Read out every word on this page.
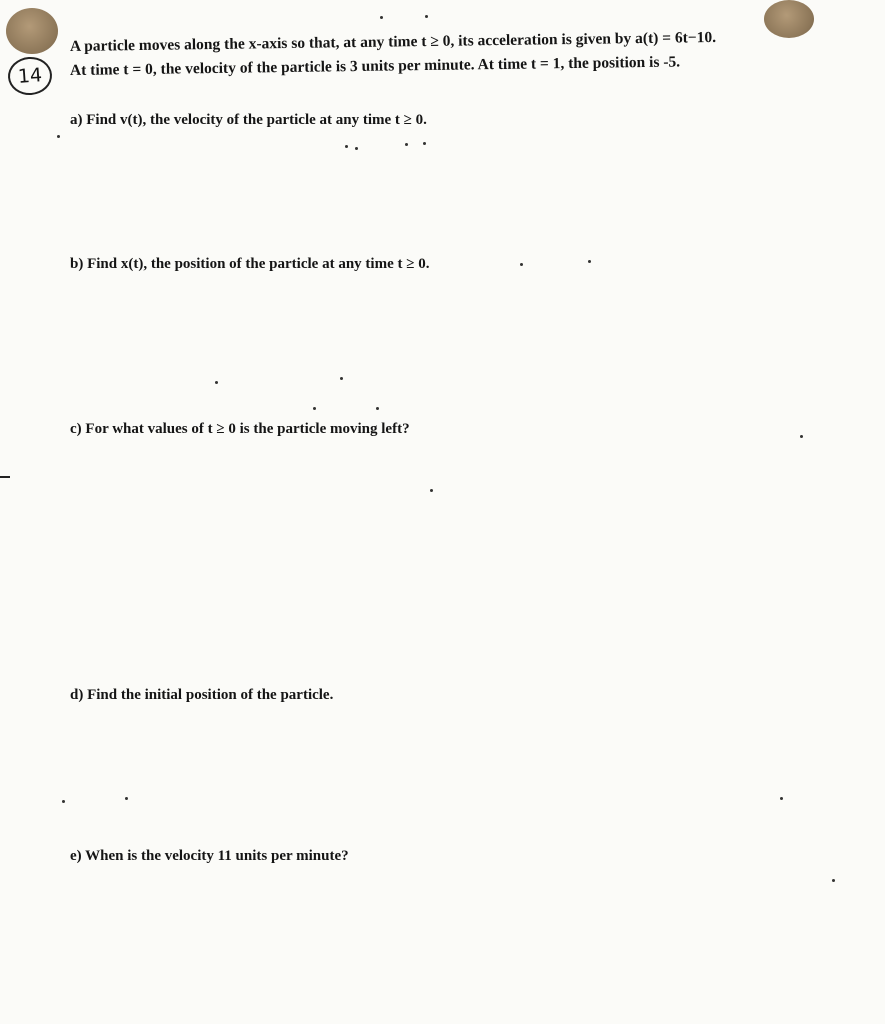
14
A particle moves along the x-axis so that, at any time t ≥ 0, its acceleration is given by a(t) = 6t−10.
At time t = 0, the velocity of the particle is 3 units per minute. At time t = 1, the position is -5.
a) Find v(t), the velocity of the particle at any time t ≥ 0.
b) Find x(t), the position of the particle at any time t ≥ 0.
c) For what values of t ≥ 0 is the particle moving left?
d) Find the initial position of the particle.
e) When is the velocity 11 units per minute?
